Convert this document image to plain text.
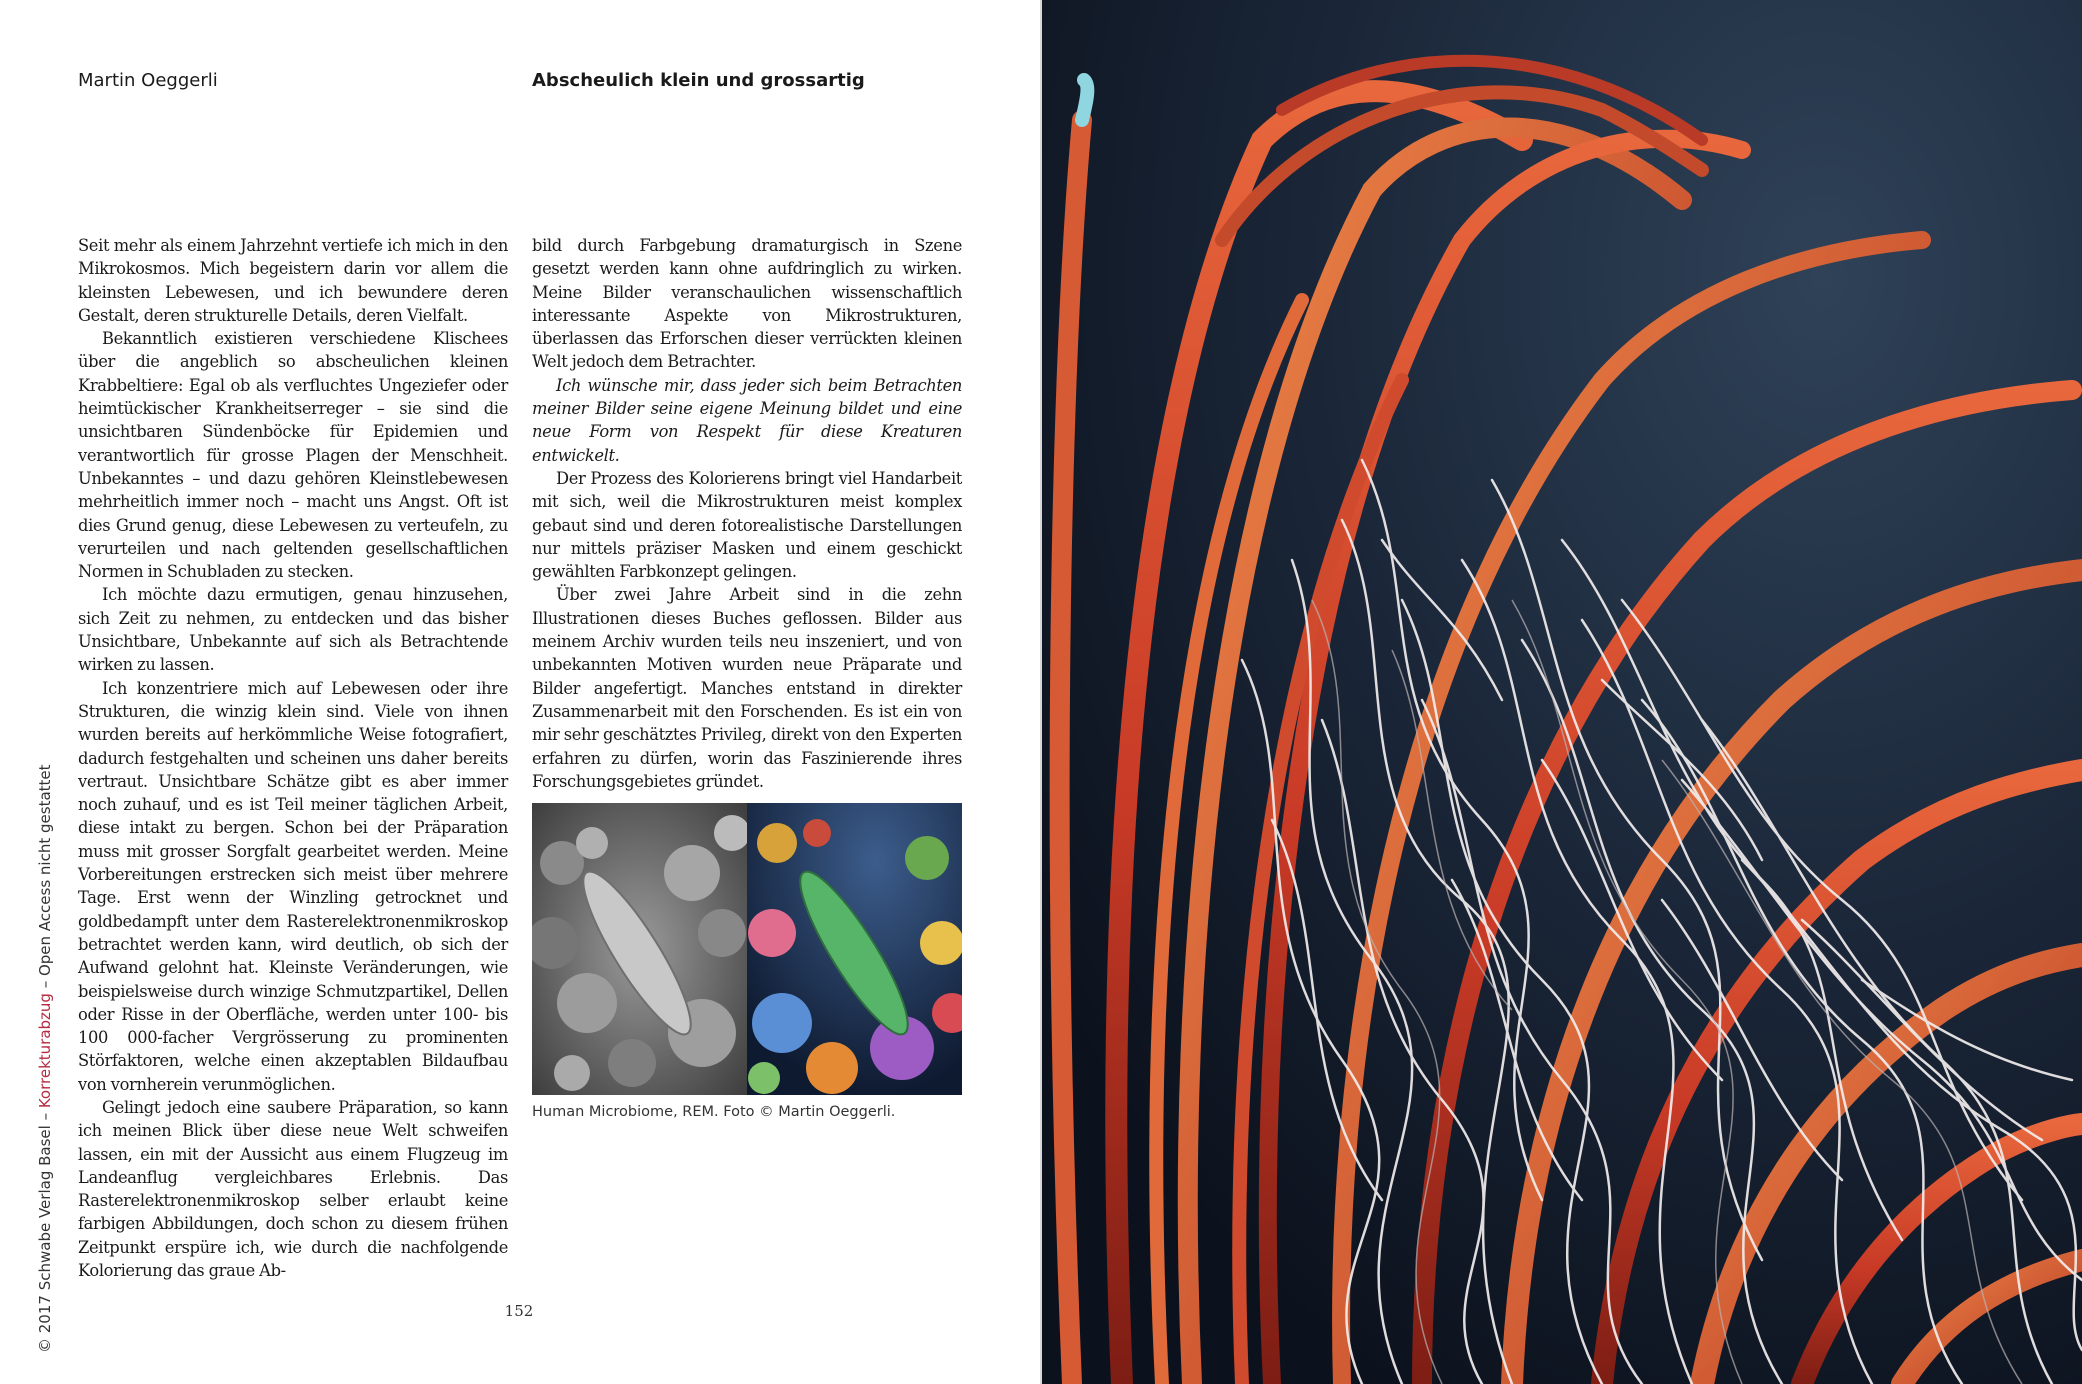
Martin Oeggerli	Abscheulich klein und grossartig

Seit mehr als einem Jahrzehnt vertiefe ich mich in den Mikrokosmos. Mich begeistern darin vor allem die kleinsten Lebewesen, und ich bewundere deren Gestalt, deren strukturelle Details, deren Vielfalt.

Bekanntlich existieren verschiedene Klischees über die angeblich so abscheulichen kleinen Krabbeltiere: Egal ob als verfluchtes Ungeziefer oder heimtückischer Krankheitserreger – sie sind die unsichtbaren Sündenböcke für Epidemien und verantwortlich für grosse Plagen der Menschheit. Unbekanntes – und dazu gehören Kleinstlebewesen mehrheitlich immer noch – macht uns Angst. Oft ist dies Grund genug, diese Lebewesen zu verteufeln, zu verurteilen und nach geltenden gesellschaftlichen Normen in Schubladen zu stecken.

Ich möchte dazu ermutigen, genau hinzusehen, sich Zeit zu nehmen, zu entdecken und das bisher Unsichtbare, Unbekannte auf sich als Betrachtende wirken zu lassen.

Ich konzentriere mich auf Lebewesen oder ihre Strukturen, die winzig klein sind. Viele von ihnen wurden bereits auf herkömmliche Weise fotografiert, dadurch festgehalten und scheinen uns daher bereits vertraut. Unsichtbare Schätze gibt es aber immer noch zuhauf, und es ist Teil meiner täglichen Arbeit, diese intakt zu bergen. Schon bei der Präparation muss mit grosser Sorgfalt gearbeitet werden. Meine Vorbereitungen erstrecken sich meist über mehrere Tage. Erst wenn der Winzling getrocknet und goldbedampft unter dem Rasterelektronenmikroskop betrachtet werden kann, wird deutlich, ob sich der Aufwand gelohnt hat. Kleinste Veränderungen, wie beispielsweise durch winzige Schmutzpartikel, Dellen oder Risse in der Oberfläche, werden unter 100- bis 100 000-facher Vergrösserung zu prominenten Störfaktoren, welche einen akzeptablen Bildaufbau von vornherein verunmöglichen.

Gelingt jedoch eine saubere Präparation, so kann ich meinen Blick über diese neue Welt schweifen lassen, ein mit der Aussicht aus einem Flugzeug im Landeanflug vergleichbares Erlebnis. Das Rasterelektronenmikroskop selber erlaubt keine farbigen Abbildungen, doch schon zu diesem frühen Zeitpunkt erspüre ich, wie durch die nachfolgende Kolorierung das graue Ab-

bild durch Farbgebung dramaturgisch in Szene gesetzt werden kann ohne aufdringlich zu wirken. Meine Bilder veranschaulichen wissenschaftlich interessante Aspekte von Mikrostrukturen, überlassen das Erforschen dieser verrückten kleinen Welt jedoch dem Betrachter.

Ich wünsche mir, dass jeder sich beim Betrachten meiner Bilder seine eigene Meinung bildet und eine neue Form von Respekt für diese Kreaturen entwickelt.

Der Prozess des Kolorierens bringt viel Handarbeit mit sich, weil die Mikrostrukturen meist komplex gebaut sind und deren fotorealistische Darstellungen nur mittels präziser Masken und einem geschickt gewählten Farbkonzept gelingen.

Über zwei Jahre Arbeit sind in die zehn Illustrationen dieses Buches geflossen. Bilder aus meinem Archiv wurden teils neu inszeniert, und von unbekannten Motiven wurden neue Präparate und Bilder angefertigt. Manches entstand in direkter Zusammenarbeit mit den Forschenden. Es ist ein von mir sehr geschätztes Privileg, direkt von den Experten erfahren zu dürfen, worin das Faszinierende ihres Forschungsgebietes gründet.

Human Microbiome, REM. Foto © Martin Oeggerli.
152
© 2017 Schwabe Verlag Basel – Korrekturabzug – Open Access nicht gestattet
